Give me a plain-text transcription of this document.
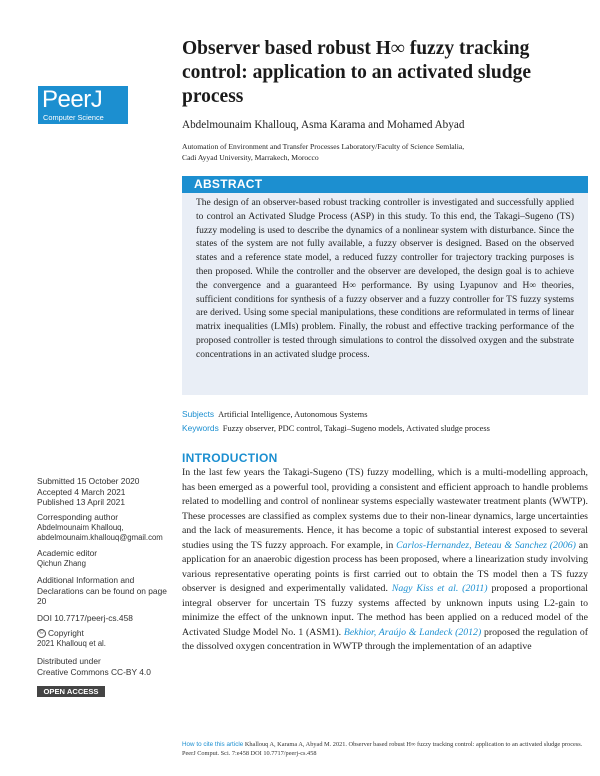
PeerJ
Computer Science
Observer based robust H∞ fuzzy tracking control: application to an activated sludge process
Abdelmounaim Khallouq, Asma Karama and Mohamed Abyad
Automation of Environment and Transfer Processes Laboratory/Faculty of Science Semlalia,
Cadi Ayyad University, Marrakech, Morocco
ABSTRACT

The design of an observer-based robust tracking controller is investigated and successfully applied to control an Activated Sludge Process (ASP) in this study. To this end, the Takagi–Sugeno (TS) fuzzy modeling is used to describe the dynamics of a nonlinear system with disturbance. Since the states of the system are not fully available, a fuzzy observer is designed. Based on the observed states and a reference state model, a reduced fuzzy controller for trajectory tracking purposes is then proposed. While the controller and the observer are developed, the design goal is to achieve the convergence and a guaranteed H∞ performance. By using Lyapunov and H∞ theories, sufficient conditions for synthesis of a fuzzy observer and a fuzzy controller for TS fuzzy systems are derived. Using some special manipulations, these conditions are reformulated in terms of linear matrix inequalities (LMIs) problem. Finally, the robust and effective tracking performance of the proposed controller is tested through simulations to control the dissolved oxygen and the substrate concentrations in an activated sludge process.

Subjects Artificial Intelligence, Autonomous Systems
Keywords Fuzzy observer, PDC control, Takagi–Sugeno models, Activated sludge process
INTRODUCTION

In the last few years the Takagi-Sugeno (TS) fuzzy modelling, which is a multi-modelling approach, has been emerged as a powerful tool, providing a consistent and efficient approach to handle problems related to modelling and control of nonlinear systems especially wastewater treatment plants (WWTP). These processes are classified as complex systems due to their non-linear dynamics, large uncertainties and the lack of measurements. Hence, it has become a topic of substantial interest exposed to several studies using the TS fuzzy approach. For example, in Carlos-Hernandez, Beteau & Sanchez (2006) an application for an anaerobic digestion process has been proposed, where a linearization study involving various representative operating points is first carried out to obtain the TS model then a TS fuzzy observer is designed and experimentally validated. Nagy Kiss et al. (2011) proposed a proportional integral observer for uncertain TS fuzzy systems affected by unknown inputs using L2-gain to minimize the effect of the unknown input. The method has been applied on a reduced model of the Activated Sludge Model No. 1 (ASM1). Bekhior, Araújo & Landeck (2012) proposed the regulation of the dissolved oxygen concentration in WWTP through the implementation of an adaptive

Submitted 15 October 2020
Accepted 4 March 2021
Published 13 April 2021
Corresponding author
Abdelmounaim Khallouq,
abdelmounaim.khallouq@gmail.com
Academic editor
Qichun Zhang
Additional Information and Declarations can be found on page 20
DOI 10.7717/peerj-cs.458
© Copyright
2021 Khallouq et al.
Distributed under
Creative Commons CC-BY 4.0
OPEN ACCESS
How to cite this article Khallouq A, Karama A, Abyad M. 2021. Observer based robust H∞ fuzzy tracking control: application to an activated sludge process. PeerJ Comput. Sci. 7:e458 DOI 10.7717/peerj-cs.458
